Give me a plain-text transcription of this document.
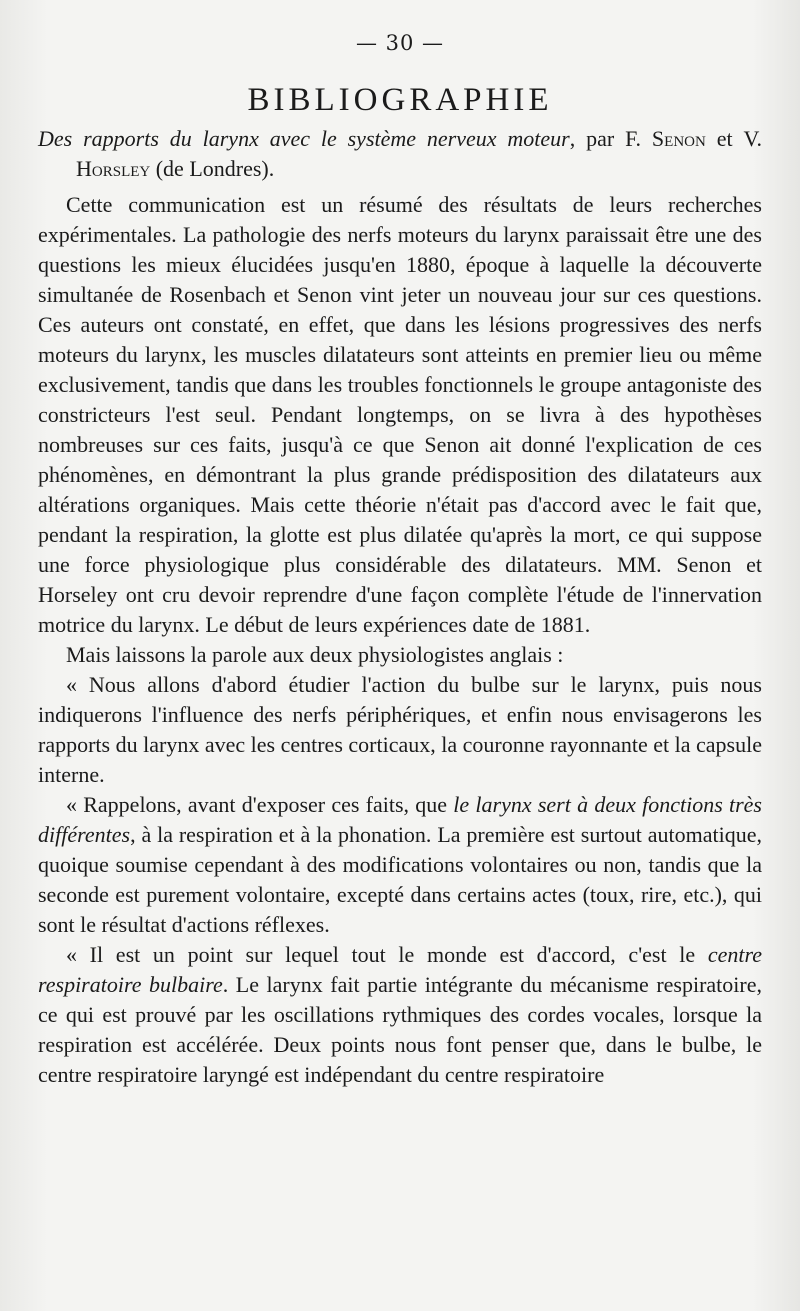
— 30 —
BIBLIOGRAPHIE

Des rapports du larynx avec le système nerveux moteur, par F. Senon et V. Horsley (de Londres).

Cette communication est un résumé des résultats de leurs recherches expérimentales. La pathologie des nerfs moteurs du larynx paraissait être une des questions les mieux élucidées jusqu'en 1880, époque à laquelle la découverte simultanée de Rosenbach et Senon vint jeter un nouveau jour sur ces questions. Ces auteurs ont constaté, en effet, que dans les lésions progressives des nerfs moteurs du larynx, les muscles dilatateurs sont atteints en premier lieu ou même exclusivement, tandis que dans les troubles fonctionnels le groupe antagoniste des constricteurs l'est seul. Pendant longtemps, on se livra à des hypothèses nombreuses sur ces faits, jusqu'à ce que Senon ait donné l'explication de ces phénomènes, en démontrant la plus grande prédisposition des dilatateurs aux altérations organiques. Mais cette théorie n'était pas d'accord avec le fait que, pendant la respiration, la glotte est plus dilatée qu'après la mort, ce qui suppose une force physiologique plus considérable des dilatateurs. MM. Senon et Horseley ont cru devoir reprendre d'une façon complète l'étude de l'innervation motrice du larynx. Le début de leurs expériences date de 1881.

Mais laissons la parole aux deux physiologistes anglais :

« Nous allons d'abord étudier l'action du bulbe sur le larynx, puis nous indiquerons l'influence des nerfs périphériques, et enfin nous envisagerons les rapports du larynx avec les centres corticaux, la couronne rayonnante et la capsule interne.

« Rappelons, avant d'exposer ces faits, que le larynx sert à deux fonctions très différentes, à la respiration et à la phonation. La première est surtout automatique, quoique soumise cependant à des modifications volontaires ou non, tandis que la seconde est purement volontaire, excepté dans certains actes (toux, rire, etc.), qui sont le résultat d'actions réflexes.

« Il est un point sur lequel tout le monde est d'accord, c'est le centre respiratoire bulbaire. Le larynx fait partie intégrante du mécanisme respiratoire, ce qui est prouvé par les oscillations rythmiques des cordes vocales, lorsque la respiration est accélérée. Deux points nous font penser que, dans le bulbe, le centre respiratoire laryngé est indépendant du centre respiratoire
